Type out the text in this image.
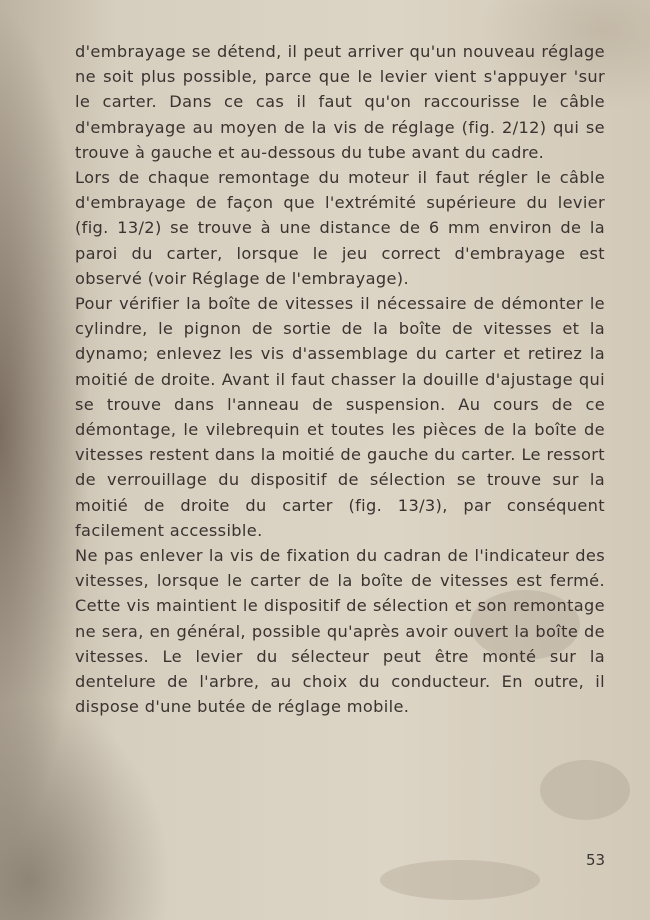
d'embrayage se détend, il peut arriver qu'un nouveau réglage ne soit plus possible, parce que le levier vient s'appuyer 'sur le carter. Dans ce cas il faut qu'on raccourisse le câble d'embrayage au moyen de la vis de réglage (fig. 2/12) qui se trouve à gauche et au-dessous du tube avant du cadre.

Lors de chaque remontage du moteur il faut régler le câble d'embrayage de façon que l'extrémité supérieure du levier (fig. 13/2) se trouve à une distance de 6 mm environ de la paroi du carter, lorsque le jeu correct d'embrayage est observé (voir Réglage de l'embrayage).

Pour vérifier la boîte de vitesses il nécessaire de démonter le cylindre, le pignon de sortie de la boîte de vitesses et la dynamo; enlevez les vis d'assemblage du carter et retirez la moitié de droite. Avant il faut chasser la douille d'ajustage qui se trouve dans l'anneau de suspension. Au cours de ce démontage, le vilebrequin et toutes les pièces de la boîte de vitesses restent dans la moitié de gauche du carter. Le ressort de verrouillage du dispositif de sélection se trouve sur la moitié de droite du carter (fig. 13/3), par conséquent facilement accessible.

Ne pas enlever la vis de fixation du cadran de l'indicateur des vitesses, lorsque le carter de la boîte de vitesses est fermé. Cette vis maintient le dispositif de sélection et son remontage ne sera, en général, possible qu'après avoir ouvert la boîte de vitesses. Le levier du sélecteur peut être monté sur la dentelure de l'arbre, au choix du conducteur. En outre, il dispose d'une butée de réglage mobile.

53
